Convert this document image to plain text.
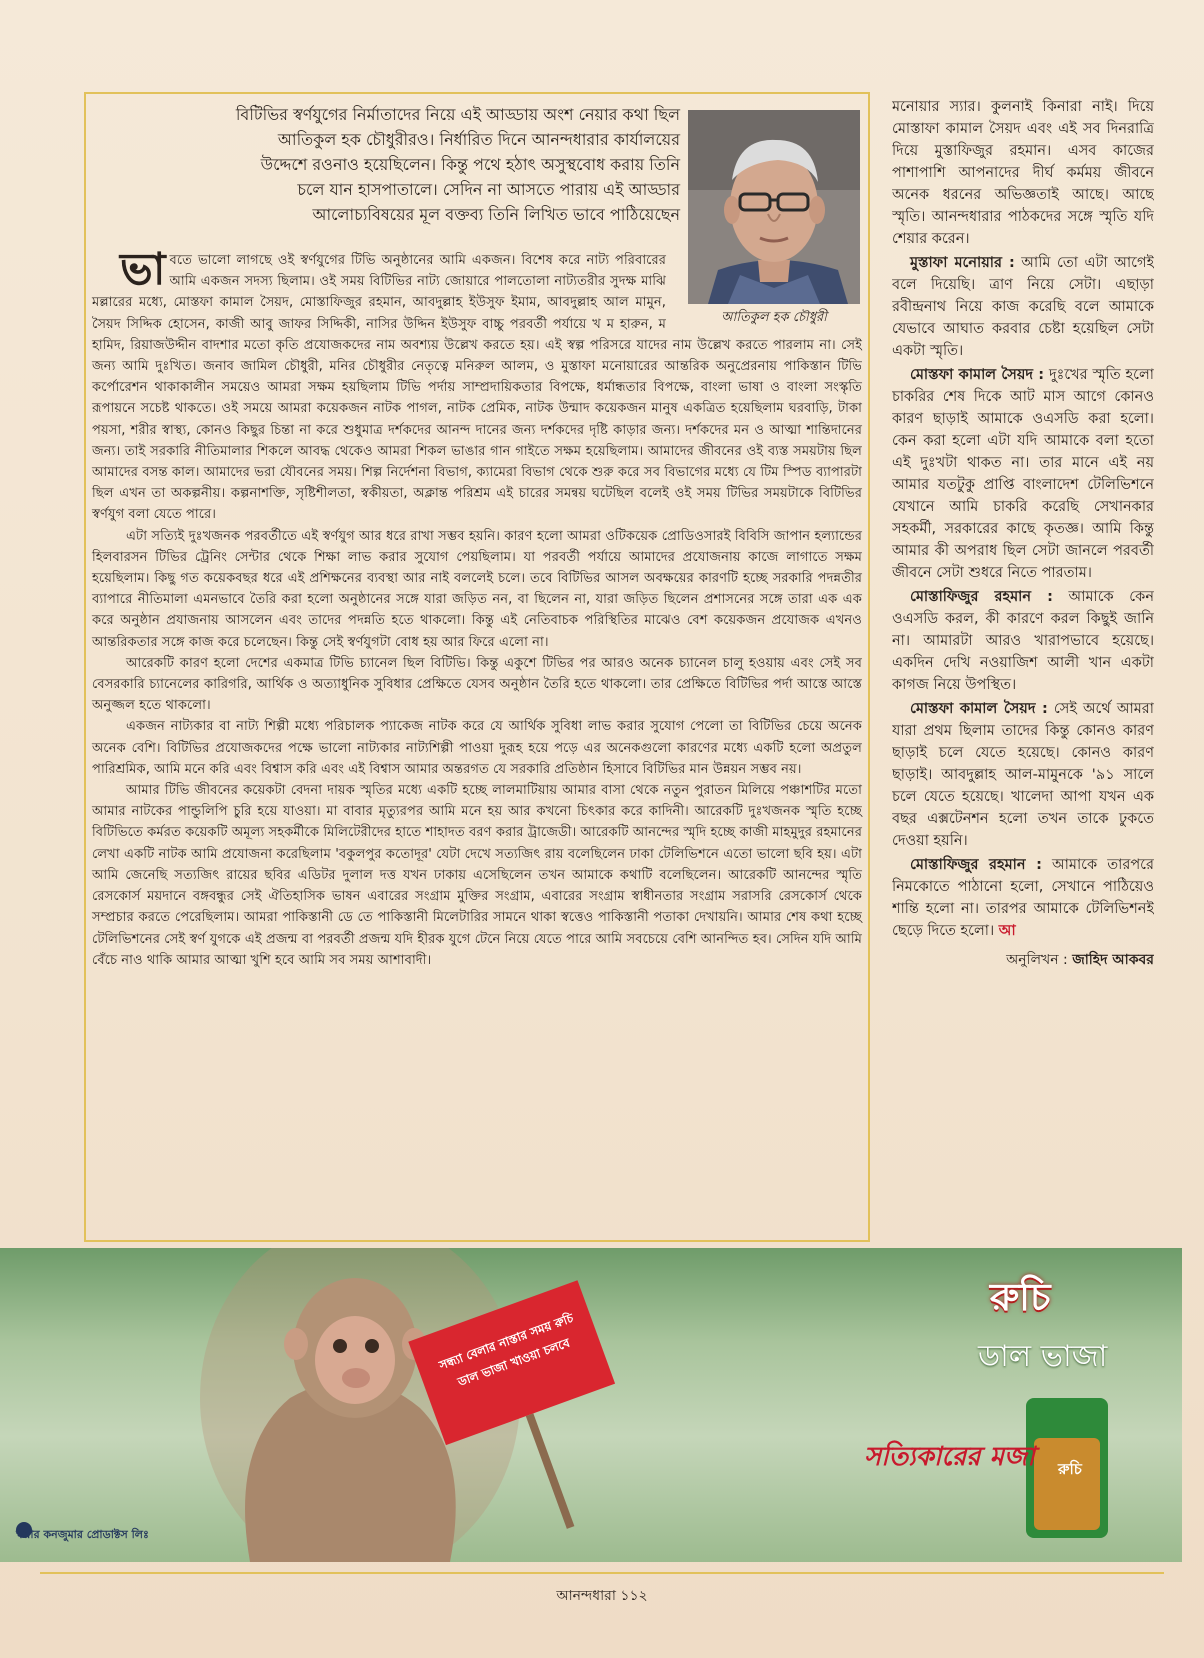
বিটিভির স্বর্ণযুগের নির্মাতাদের নিয়ে এই আড্ডায় অংশ নেয়ার কথা ছিল
আতিকুল হক চৌধুরীরও। নির্ধারিত দিনে আনন্দধারার কার্যালয়ের
উদ্দেশে রওনাও হয়েছিলেন। কিন্তু পথে হঠাৎ অসুস্থবোধ করায় তিনি
চলে যান হাসপাতালে। সেদিন না আসতে পারায় এই আড্ডার
আলোচ্যবিষয়ের মূল বক্তব্য তিনি লিখিত ভাবে পাঠিয়েছেন
আতিকুল হক চৌধুরী

ভাবতে ভালো লাগছে ওই স্বর্ণযুগের টিভি অনুষ্ঠানের আমি একজন। বিশেষ করে নাট্য পরিবারের আমি একজন সদস্য ছিলাম। ওই সময় বিটিভির নাট্য জোয়ারে পালতোলা নাট্যতরীর সুদক্ষ মাঝি মল্লারের মধ্যে, মোস্তফা কামাল সৈয়দ, মোস্তাফিজুর রহমান, আবদুল্লাহ ইউসুফ ইমাম, আবদুল্লাহ আল মামুন, সৈয়দ সিদ্দিক হোসেন, কাজী আবু জাফর সিদ্দিকী, নাসির উদ্দিন ইউসুফ বাচ্চু পরবর্তী পর্যায়ে খ ম হারুন, ম হামিদ, রিয়াজউদ্দীন বাদশার মতো কৃতি প্রযোজকদের নাম অবশ্যয় উল্লেখ করতে হয়। এই স্বল্প পরিসরে যাদের নাম উল্লেখ করতে পারলাম না। সেই জন্য আমি দুঃখিত। জনাব জামিল চৌধুরী, মনির চৌধুরীর নেতৃত্বে মনিরুল আলম, ও মুস্তাফা মনোয়ারের আন্তরিক অনুপ্রেরনায় পাকিস্তান টিভি কর্পোরেশন থাকাকালীন সময়েও আমরা সক্ষম হয়ছিলাম টিভি পর্দায় সাম্প্রদায়িকতার বিপক্ষে, ধর্মান্ধতার বিপক্ষে, বাংলা ভাষা ও বাংলা সংস্কৃতি রূপায়নে সচেষ্ট থাকতে। ওই সময়ে আমরা কয়েকজন নাটক পাগল, নাটক প্রেমিক, নাটক উন্মাদ কয়েকজন মানুষ একত্রিত হয়েছিলাম ঘরবাড়ি, টাকা পয়সা, শরীর স্বাস্থ্য, কোনও কিছুর চিন্তা না করে শুধুমাত্র দর্শকদের আনন্দ দানের জন্য দর্শকদের দৃষ্টি কাড়ার জন্য। দর্শকদের মন ও আত্মা শান্তিদানের জন্য। তাই সরকারি নীতিমালার শিকলে আবদ্ধ থেকেও আমরা শিকল ভাঙার গান গাইতে সক্ষম হয়েছিলাম। আমাদের জীবনের ওই ব্যস্ত সময়টায় ছিল আমাদের বসন্ত কাল। আমাদের ভরা যৌবনের সময়। শিল্প নির্দেশনা বিভাগ, ক্যামেরা বিভাগ থেকে শুরু করে সব বিভাগের মধ্যে যে টিম স্পিড ব্যাপারটা ছিল এখন তা অকল্পনীয়। কল্পনাশক্তি, সৃষ্টিশীলতা, স্বকীয়তা, অক্লান্ত পরিশ্রম এই চারের সমন্বয় ঘটেছিল বলেই ওই সময় টিভির সময়টাকে বিটিভির স্বর্ণযুগ বলা যেতে পারে।

এটা সত্যিই দুঃখজনক পরবর্তীতে এই স্বর্ণযুগ আর ধরে রাখা সম্ভব হয়নি। কারণ হলো আমরা ওটিকয়েক প্রোডিওসারই বিবিসি জাপান হল্যান্ডের হিলবারসন টিভির ট্রেনিং সেন্টার থেকে শিক্ষা লাভ করার সুযোগ পেয়ছিলাম। যা পরবর্তী পর্যায়ে আমাদের প্রযোজনায় কাজে লাগাতে সক্ষম হয়েছিলাম। কিছু গত কয়েকবছর ধরে এই প্রশিক্ষনের ব্যবস্থা আর নাই বললেই চলে। তবে বিটিভির আসল অবক্ষয়ের কারণটি হচ্ছে সরকারি পদন্নতীর ব্যাপারে নীতিমালা এমনভাবে তৈরি করা হলো অনুষ্ঠানের সঙ্গে যারা জড়িত নন, বা ছিলেন না, যারা জড়িত ছিলেন প্রশাসনের সঙ্গে তারা এক এক করে অনুষ্ঠান প্রযাজনায় আসলেন এবং তাদের পদন্নতি হতে থাকলো। কিন্তু এই নেতিবাচক পরিস্থিতির মাঝেও বেশ কয়েকজন প্রযোজক এখনও আন্তরিকতার সঙ্গে কাজ করে চলেছেন। কিন্তু সেই স্বর্ণযুগটা বোধ হয় আর ফিরে এলো না।

আরেকটি কারণ হলো দেশের একমাত্র টিভি চ্যানেল ছিল বিটিভি। কিন্তু একুশে টিভির পর আরও অনেক চ্যানেল চালু হওয়ায় এবং সেই সব বেসরকারি চ্যানেলের কারিগরি, আর্থিক ও অত্যাধুনিক সুবিধার প্রেক্ষিতে যেসব অনুষ্ঠান তৈরি হতে থাকলো। তার প্রেক্ষিতে বিটিভির পর্দা আস্তে আস্তে অনুজ্জল হতে থাকলো।

একজন নাট্যকার বা নাট্য শিল্পী মধ্যে পরিচালক প্যাকেজ নাটক করে যে আর্থিক সুবিধা লাভ করার সুযোগ পেলো তা বিটিভির চেয়ে অনেক অনেক বেশি। বিটিভির প্রযোজকদের পক্ষে ভালো নাট্যকার নাট্যশিল্পী পাওয়া দুরূহ হয়ে পড়ে এর অনেকগুলো কারণের মধ্যে একটি হলো অপ্রতুল পারিশ্রমিক, আমি মনে করি এবং বিশ্বাস করি এবং এই বিশ্বাস আমার অন্তরগত যে সরকারি প্রতিষ্ঠান হিসাবে বিটিভির মান উন্নয়ন সম্ভব নয়।

আমার টিভি জীবনের কয়েকটা বেদনা দায়ক স্মৃতির মধ্যে একটি হচ্ছে লালমাটিয়ায় আমার বাসা থেকে নতুন পুরাতন মিলিয়ে পঞ্চাশটির মতো আমার নাটকের পান্ডুলিপি চুরি হয়ে যাওয়া। মা বাবার মৃত্যুরপর আমি মনে হয় আর কখনো চিৎকার করে কাদিনী। আরেকটি দুঃখজনক স্মৃতি হচ্ছে বিটিভিতে কর্মরত কয়েকটি অমূল্য সহকর্মীকে মিলিটেরীদের হাতে শাহাদত বরণ করার ট্রাজেডী। আরেকটি আনন্দের স্মৃদি হচ্ছে কাজী মাহমুদুর রহমানের লেখা একটি নাটক আমি প্রযোজনা করেছিলাম 'বকুলপুর কতোদূর' যেটা দেখে সত্যজিৎ রায় বলেছিলেন ঢাকা টেলিভিশনে এতো ভালো ছবি হয়। এটা আমি জেনেছি সত্যজিৎ রায়ের ছবির এডিটর দুলাল দত্ত যখন ঢাকায় এসেছিলেন তখন আমাকে কথাটি বলেছিলেন। আরেকটি আনন্দের স্মৃতি রেসকোর্স ময়দানে বঙ্গবন্ধুর সেই ঐতিহাসিক ভাষন এবারের সংগ্রাম মুক্তির সংগ্রাম, এবারের সংগ্রাম স্বাধীনতার সংগ্রাম সরাসরি রেসকোর্স থেকে সম্প্রচার করতে পেরেছিলাম। আমরা পাকিস্তানী ডে তে পাকিস্তানী মিলেটারির সামনে থাকা স্বত্তেও পাকিস্তানী পতাকা দেখায়নি। আমার শেষ কথা হচ্ছে টেলিভিশনের সেই স্বর্ণ যুগকে এই প্রজন্ম বা পরবর্তী প্রজন্ম যদি হীরক যুগে টেনে নিয়ে যেতে পারে আমি সবচেয়ে বেশি আনন্দিত হব। সেদিন যদি আমি বেঁচে নাও থাকি আমার আত্মা খুশি হবে আমি সব সময় আশাবাদী।

মনোয়ার স্যার। কুলনাই কিনারা নাই। দিয়ে মোস্তাফা কামাল সৈয়দ এবং এই সব দিনরাত্রি দিয়ে মুস্তাফিজুর রহমান। এসব কাজের পাশাপাশি আপনাদের দীর্ঘ কর্মময় জীবনে অনেক ধরনের অভিজ্ঞতাই আছে। আছে স্মৃতি। আনন্দধারার পাঠকদের সঙ্গে স্মৃতি যদি শেয়ার করেন।

মুস্তাফা মনোয়ার : আমি তো এটা আগেই বলে দিয়েছি। ত্রাণ নিয়ে সেটা। এছাড়া রবীন্দ্রনাথ নিয়ে কাজ করেছি বলে আমাকে যেভাবে আঘাত করবার চেষ্টা হয়েছিল সেটা একটা স্মৃতি।

মোস্তফা কামাল সৈয়দ : দুঃখের স্মৃতি হলো চাকরির শেষ দিকে আট মাস আগে কোনও কারণ ছাড়াই আমাকে ওএসডি করা হলো। কেন করা হলো এটা যদি আমাকে বলা হতো এই দুঃখটা থাকত না। তার মানে এই নয় আমার যতটুকু প্রাপ্তি বাংলাদেশ টেলিভিশনে যেখানে আমি চাকরি করেছি সেখানকার সহকর্মী, সরকারের কাছে কৃতজ্ঞ। আমি কিন্তু আমার কী অপরাধ ছিল সেটা জানলে পরবর্তী জীবনে সেটা শুধরে নিতে পারতাম।

মোস্তাফিজুর রহমান : আমাকে কেন ওএসডি করল, কী কারণে করল কিছুই জানি না। আমারটা আরও খারাপভাবে হয়েছে। একদিন দেখি নওয়াজিশ আলী খান একটা কাগজ নিয়ে উপস্থিত।

মোস্তফা কামাল সৈয়দ : সেই অর্থে আমরা যারা প্রথম ছিলাম তাদের কিন্তু কোনও কারণ ছাড়াই চলে যেতে হয়েছে। কোনও কারণ ছাড়াই। আবদুল্লাহ আল-মামুনকে '৯১ সালে চলে যেতে হয়েছে। খালেদা আপা যখন এক বছর এক্সটেনশন হলো তখন তাকে ঢুকতে দেওয়া হয়নি।

মোস্তাফিজুর রহমান : আমাকে তারপরে নিমকোতে পাঠানো হলো, সেখানে পাঠিয়েও শান্তি হলো না। তারপর আমাকে টেলিভিশনই ছেড়ে দিতে হলো। আ

অনুলিখন : জাহিদ আকবর
সন্ধ্যা বেলার নাস্তার সময় রুচি ডাল ভাজা খাওয়া চলবে
রুচি
ডাল ভাজা
সত্যিকারের মজা রুচি
স্কয়ার কনজুমার প্রোডাক্টস লিঃ
আনন্দধারা ১১২
